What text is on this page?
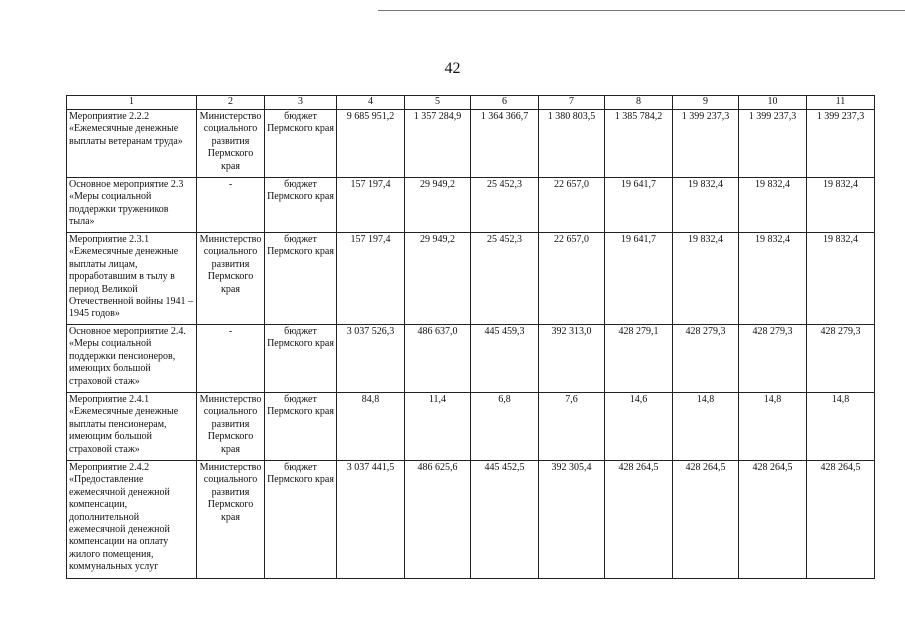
42
1	2	3	4	5	6	7	8	9	10	11
Мероприятие 2.2.2 «Ежемесячные денежные выплаты ветеранам труда»	Министерство социального развития Пермского края	бюджет Пермского края	9 685 951,2	1 357 284,9	1 364 366,7	1 380 803,5	1 385 784,2	1 399 237,3	1 399 237,3	1 399 237,3
Основное мероприятие 2.3 «Меры социальной поддержки тружеников тыла»	-	бюджет Пермского края	157 197,4	29 949,2	25 452,3	22 657,0	19 641,7	19 832,4	19 832,4	19 832,4
Мероприятие 2.3.1 «Ежемесячные денежные выплаты лицам, проработавшим в тылу в период Великой Отечественной войны 1941 – 1945 годов»	Министерство социального развития Пермского края	бюджет Пермского края	157 197,4	29 949,2	25 452,3	22 657,0	19 641,7	19 832,4	19 832,4	19 832,4
Основное мероприятие 2.4. «Меры социальной поддержки пенсионеров, имеющих большой страховой стаж»	-	бюджет Пермского края	3 037 526,3	486 637,0	445 459,3	392 313,0	428 279,1	428 279,3	428 279,3	428 279,3
Мероприятие 2.4.1 «Ежемесячные денежные выплаты пенсионерам, имеющим большой страховой стаж»	Министерство социального развития Пермского края	бюджет Пермского края	84,8	11,4	6,8	7,6	14,6	14,8	14,8	14,8
Мероприятие 2.4.2 «Предоставление ежемесячной денежной компенсации, дополнительной ежемесячной денежной компенсации на оплату жилого помещения, коммунальных услуг	Министерство социального развития Пермского края	бюджет Пермского края	3 037 441,5	486 625,6	445 452,5	392 305,4	428 264,5	428 264,5	428 264,5	428 264,5
